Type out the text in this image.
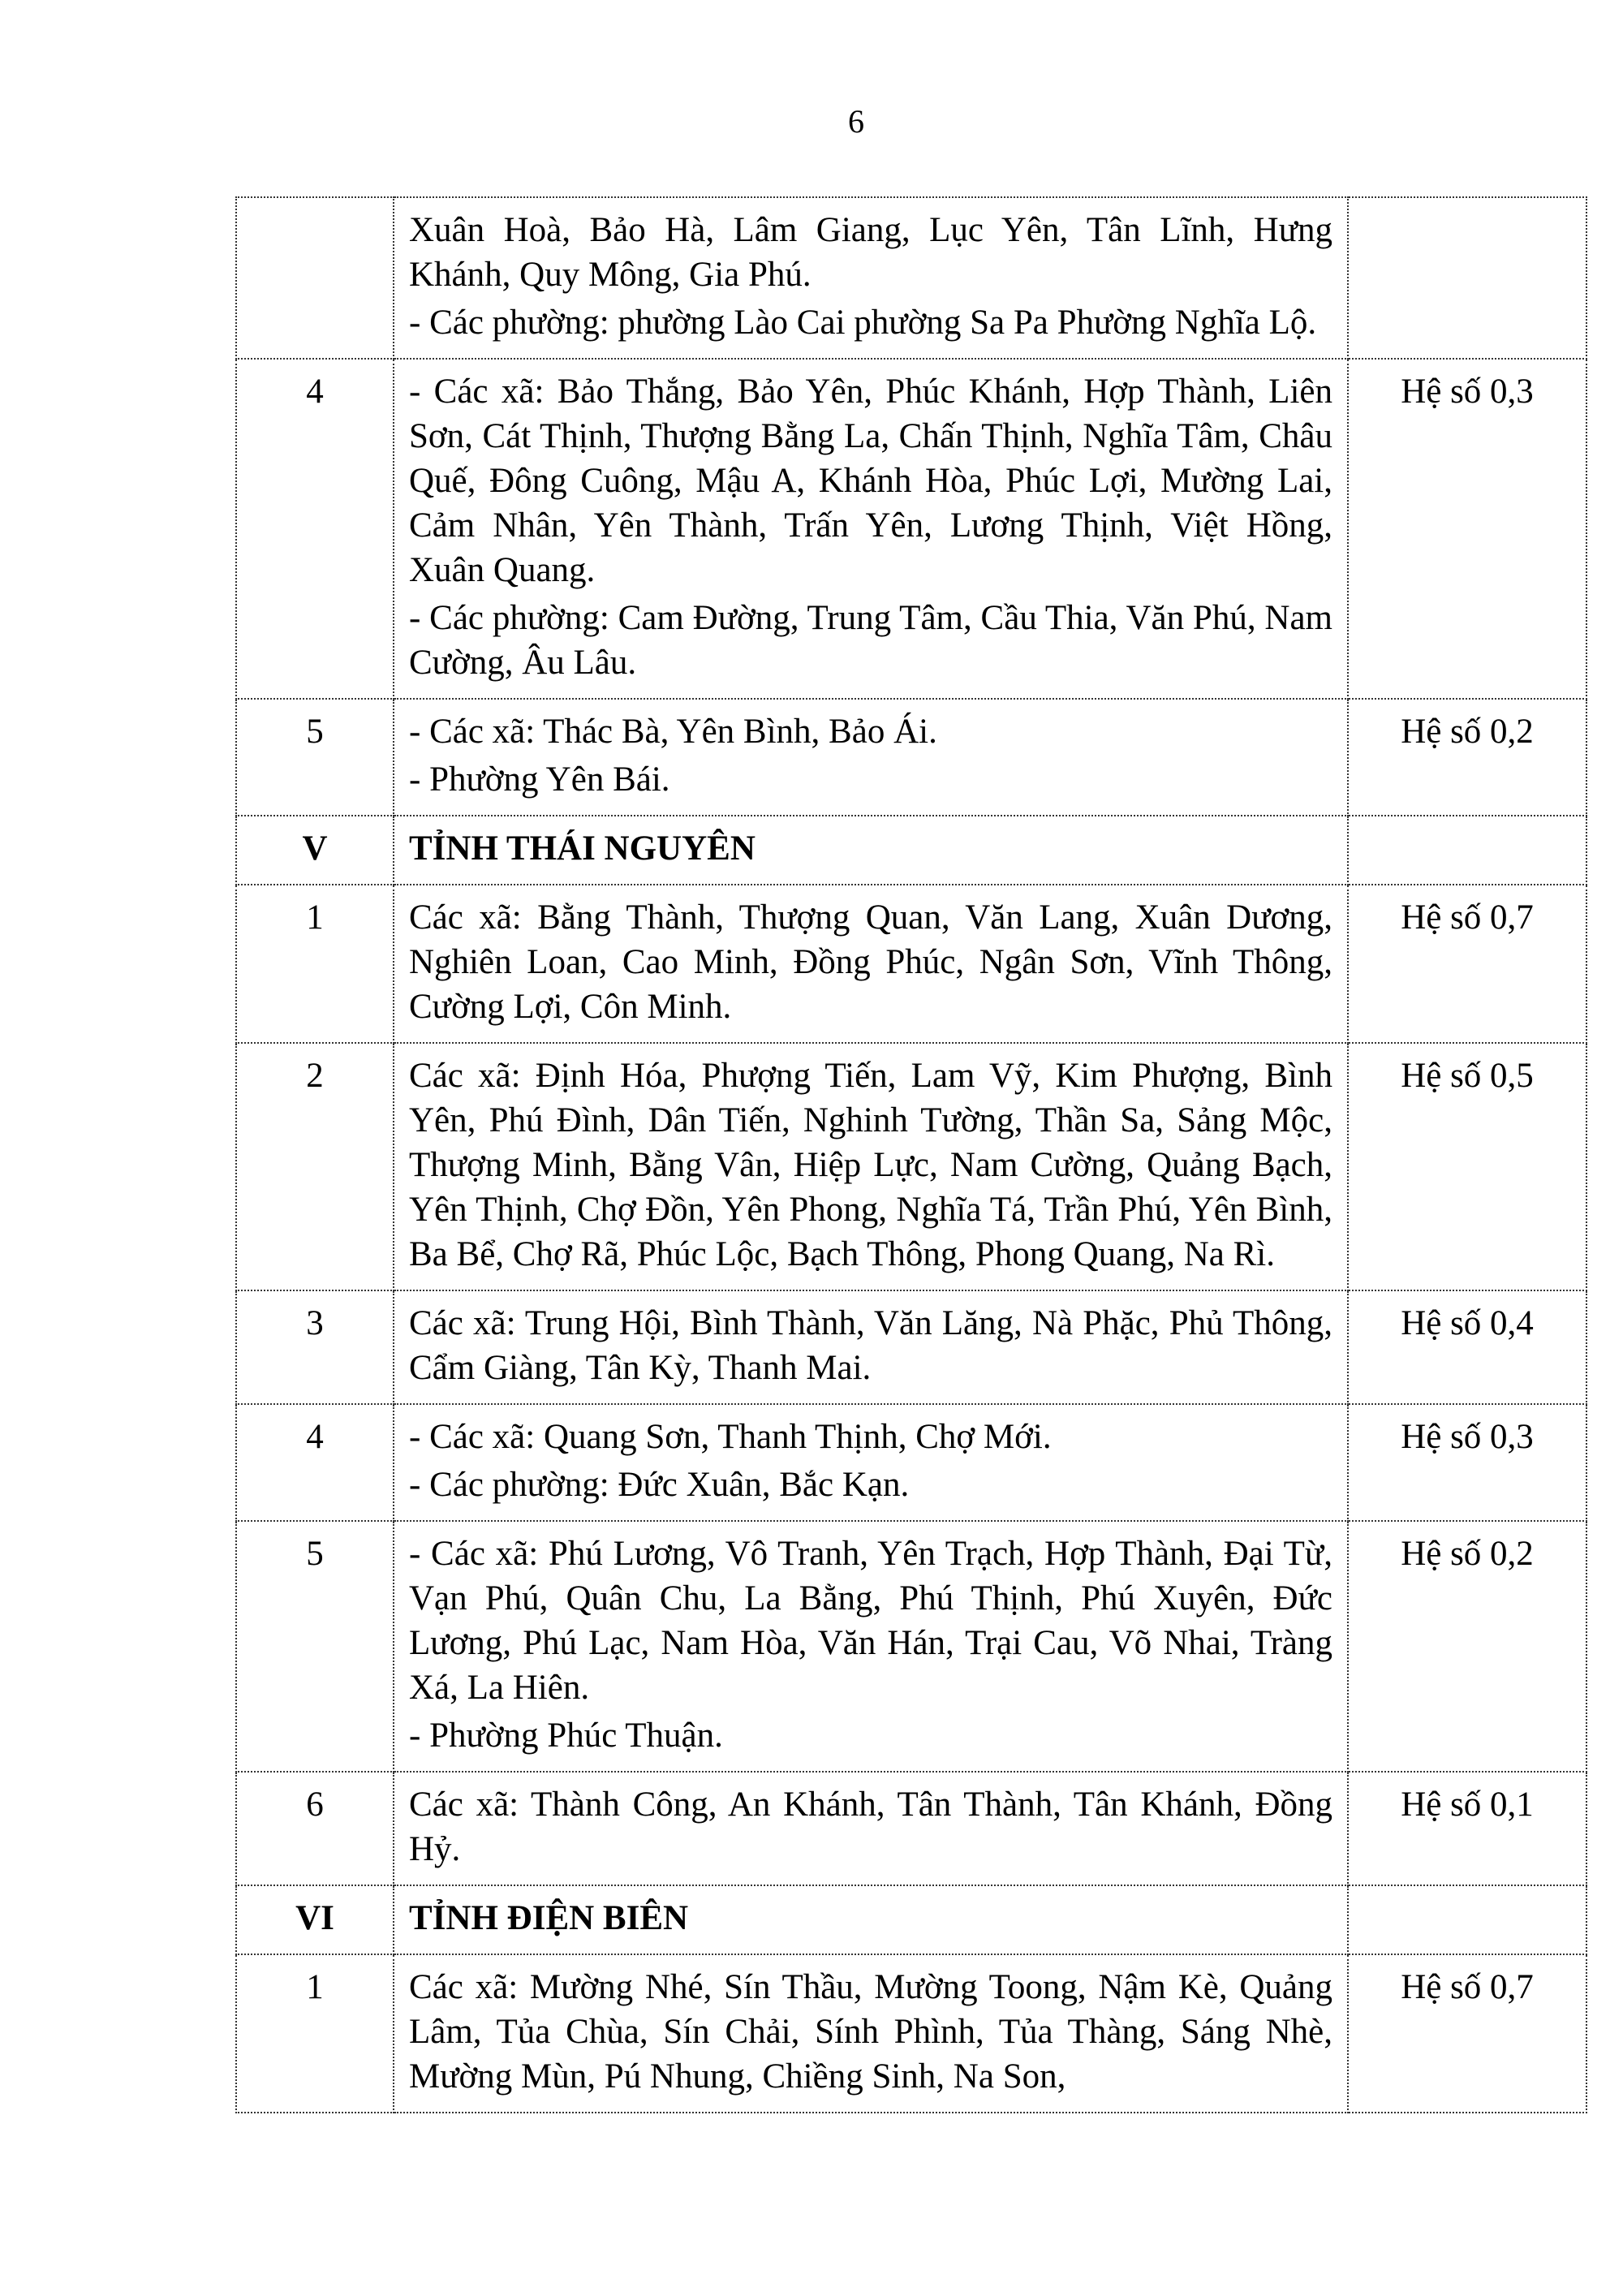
6

	Xuân Hoà, Bảo Hà, Lâm Giang, Lục Yên, Tân Lĩnh, Hưng Khánh, Quy Mông, Gia Phú.
- Các phường: phường Lào Cai phường Sa Pa Phường Nghĩa Lộ.	

4	- Các xã: Bảo Thắng, Bảo Yên, Phúc Khánh, Hợp Thành, Liên Sơn, Cát Thịnh, Thượng Bằng La, Chấn Thịnh, Nghĩa Tâm, Châu Quế, Đông Cuông, Mậu A, Khánh Hòa, Phúc Lợi, Mường Lai, Cảm Nhân, Yên Thành, Trấn Yên, Lương Thịnh, Việt Hồng, Xuân Quang.
- Các phường: Cam Đường, Trung Tâm, Cầu Thia, Văn Phú, Nam Cường, Âu Lâu.	Hệ số 0,3
5	- Các xã: Thác Bà, Yên Bình, Bảo Ái.
- Phường Yên Bái.	Hệ số 0,2
V	TỈNH THÁI NGUYÊN	

1	Các xã: Bằng Thành, Thượng Quan, Văn Lang, Xuân Dương, Nghiên Loan, Cao Minh, Đồng Phúc, Ngân Sơn, Vĩnh Thông, Cường Lợi, Côn Minh.	Hệ số 0,7
2	Các xã: Định Hóa, Phượng Tiến, Lam Vỹ, Kim Phượng, Bình Yên, Phú Đình, Dân Tiến, Nghinh Tường, Thần Sa, Sảng Mộc, Thượng Minh, Bằng Vân, Hiệp Lực, Nam Cường, Quảng Bạch, Yên Thịnh, Chợ Đồn, Yên Phong, Nghĩa Tá, Trần Phú, Yên Bình, Ba Bể, Chợ Rã, Phúc Lộc, Bạch Thông, Phong Quang, Na Rì.	Hệ số 0,5
3	Các xã: Trung Hội, Bình Thành, Văn Lăng, Nà Phặc, Phủ Thông, Cẩm Giàng, Tân Kỳ, Thanh Mai.	Hệ số 0,4
4	- Các xã: Quang Sơn, Thanh Thịnh, Chợ Mới.
- Các phường: Đức Xuân, Bắc Kạn.	Hệ số 0,3
5	- Các xã: Phú Lương, Vô Tranh, Yên Trạch, Hợp Thành, Đại Từ, Vạn Phú, Quân Chu, La Bằng, Phú Thịnh, Phú Xuyên, Đức Lương, Phú Lạc, Nam Hòa, Văn Hán, Trại Cau, Võ Nhai, Tràng Xá, La Hiên.
- Phường Phúc Thuận.	Hệ số 0,2
6	Các xã: Thành Công, An Khánh, Tân Thành, Tân Khánh, Đồng Hỷ.	Hệ số 0,1
VI	TỈNH ĐIỆN BIÊN	

1	Các xã: Mường Nhé, Sín Thầu, Mường Toong, Nậm Kè, Quảng Lâm, Tủa Chùa, Sín Chải, Sính Phình, Tủa Thàng, Sáng Nhè, Mường Mùn, Pú Nhung, Chiềng Sinh, Na Son,	Hệ số 0,7
